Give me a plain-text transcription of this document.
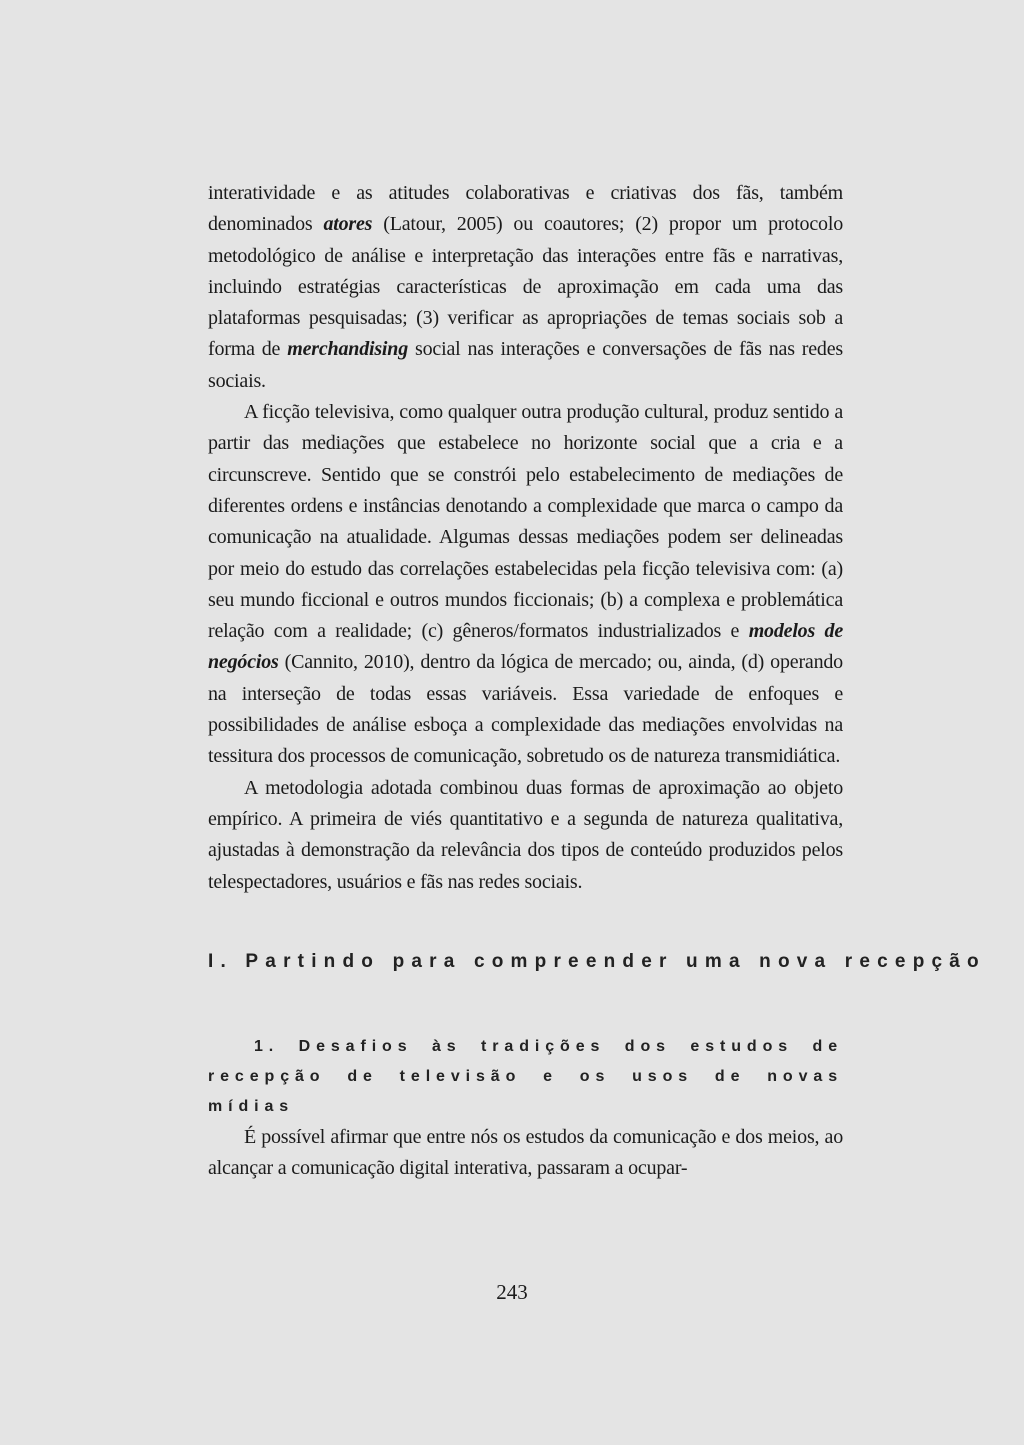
interatividade e as atitudes colaborativas e criativas dos fãs, também denominados atores (Latour, 2005) ou coautores; (2) propor um protocolo metodológico de análise e interpretação das interações entre fãs e narrativas, incluindo estratégias características de aproximação em cada uma das plataformas pesquisadas; (3) verificar as apropriações de temas sociais sob a forma de merchandising social nas interações e conversações de fãs nas redes sociais.

A ficção televisiva, como qualquer outra produção cultural, produz sentido a partir das mediações que estabelece no horizonte social que a cria e a circunscreve. Sentido que se constrói pelo estabelecimento de mediações de diferentes ordens e instâncias denotando a complexidade que marca o campo da comunicação na atualidade. Algumas dessas mediações podem ser delineadas por meio do estudo das correlações estabelecidas pela ficção televisiva com: (a) seu mundo ficcional e outros mundos ficcionais; (b) a complexa e problemática relação com a realidade; (c) gêneros/formatos industrializados e modelos de negócios (Cannito, 2010), dentro da lógica de mercado; ou, ainda, (d) operando na interseção de todas essas variáveis. Essa variedade de enfoques e possibilidades de análise esboça a complexidade das mediações envolvidas na tessitura dos processos de comunicação, sobretudo os de natureza transmidiática.

A metodologia adotada combinou duas formas de aproximação ao objeto empírico. A primeira de viés quantitativo e a segunda de natureza qualitativa, ajustadas à demonstração da relevância dos tipos de conteúdo produzidos pelos telespectadores, usuários e fãs nas redes sociais.

I. Partindo para compreender uma nova recepção
1. Desafios às tradições dos estudos de recepção de televisão e os usos de novas mídias

É possível afirmar que entre nós os estudos da comunicação e dos meios, ao alcançar a comunicação digital interativa, passaram a ocupar-

243
